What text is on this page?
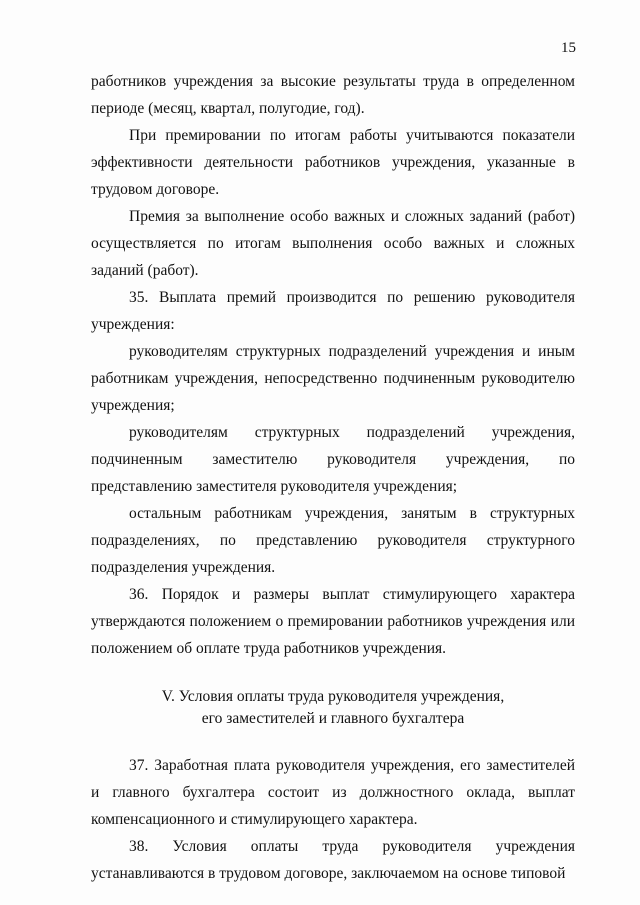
15

работников учреждения за высокие результаты труда в определенном периоде (месяц, квартал, полугодие, год).

При премировании по итогам работы учитываются показатели эффективности деятельности работников учреждения, указанные в трудовом договоре.

Премия за выполнение особо важных и сложных заданий (работ) осуществляется по итогам выполнения особо важных и сложных заданий (работ).

35. Выплата премий производится по решению руководителя учреждения:

руководителям структурных подразделений учреждения и иным работникам учреждения, непосредственно подчиненным руководителю учреждения;

руководителям структурных подразделений учреждения, подчиненным заместителю руководителя учреждения, по представлению заместителя руководителя учреждения;

остальным работникам учреждения, занятым в структурных подразделениях, по представлению руководителя структурного подразделения учреждения.

36. Порядок и размеры выплат стимулирующего характера утверждаются положением о премировании работников учреждения или положением об оплате труда работников учреждения.

V. Условия оплаты труда руководителя учреждения,
его заместителей и главного бухгалтера

37. Заработная плата руководителя учреждения, его заместителей и главного бухгалтера состоит из должностного оклада, выплат компенсационного и стимулирующего характера.

38. Условия оплаты труда руководителя учреждения устанавливаются в трудовом договоре, заключаемом на основе типовой
